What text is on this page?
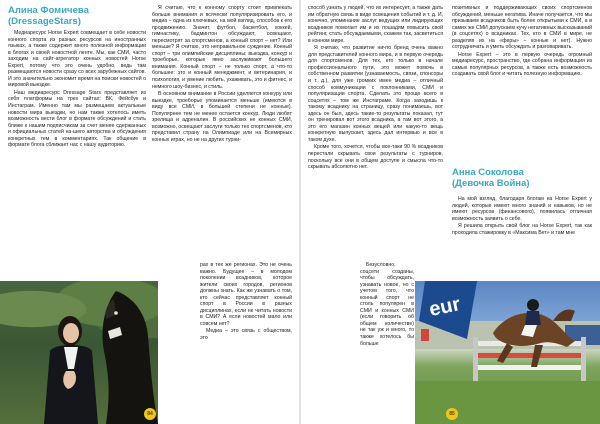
Алина Фомичева
(DressageStars)

Медиаресурс Horse Expert совмещает в себе новости конного спорта из разных ресурсов на иностранных языках, а также содержит много полезной информации в блогах и своей новостной ленте. Мы, как СМИ, часто заходим на сайт-агрегатор конных новостей Horse Expert, потому что это очень удобно, ведь там размещаются новости сразу со всех зарубежных сайтов. И это значительно экономит время на поиски новостей о мировой выездке.

Наш медиаресурс Dressage Stars представляет из себя платформы на трех сайтах: ВК, Фейсбук и Инстаграм. Именно там мы размещаем актуальные новости мира выездки, но нам также хотелось иметь возможность вести блог в формате обсуждений и стать ближе к нашим подписчикам за счет менее сдержанных и официальных статей на-шего авторства и обсуждения конкретных тем в комментариях. Так общение в формате блога сближает нас с нашу аудиторию.

Я считаю, что к конному спорту стоит привлекать больше внимания и всячески популяризировать его, и медиа – одна из ключевых, на мой взгляд, способов к его продвижению. Значит, футбол, баскетбол, хоккей, гимнастику, бадминтон обсуждают, освещают, пересмотрят за спортсменов, а конный спорт – нет? Или меньше? Я считаю, это неправильное суждение. Конный спорт – три олимпийские дисциплины: выездка, конкур и троеборье, которые явно заслуживают большего внимания. Конный спорт – не только спорт, а что-то большее: это и конный менеджмент, и ветеринария, и психология, и умение любить, ухаживать, это и фитнес, и немного шоу-бизнес, и стиль.

В основном внимание в России уделяется конкуру или выездке, троеборье упоминается меньше (имеются в виду все СМИ, в большей степени не конные). Популярнее тем не менее остается конкур. Люди любят зрелища и адреналин. В российских не конных СМИ, возможно, освещают заслуги только тех спортсменов, кто представил страну на Олимпиаде или на Всемирных конных играх, но не на других турни-

рах в тех же регионах. Это не очень важно. Будущее – в молодом поколении всадников, которое жители своих городов, регионов должны знать. Как же узнавать о том, кто сейчас представляет конный спорт в России в разных дисциплинах, если не читать новости в СМИ? А если новостей мало или совсем нет?

Медиа – это связь с обществом, это

84

способ узнать у людей, что их интересует, а также дать им обратную связь в виде освещения событий и т. д. И, конечно, упоминание заслуг ведущих или лидирующих всадников помогает им и их лошадям повысить свой рейтинг, стать обсуждаемыми, скажем так, засветиться в конном мире.

Я считаю, что развитие ничто бренд очень важно для представителей конного мира, и в первую очередь для спортсменов. Для тех, кто только в начале профессионального пути, это может помочь в собственном развитии (узнаваемость, связи, спонсоры и т. д.), для уже громких имен медиа – отличный способ коммуникации с поклонниками, СМИ и популяризации спорта. Сделать это проще всего в соцсетях – том же Инстаграме. Когда заходишь к такому всаднику на страницу, сразу понимаешь, вот здесь он был, здесь такие-то результаты показал, тут он тренировал вот этого всадника, а там вот этого, а это его магазин конных вещей или какую-то вещь конкретную выпускает, здесь дал интервью и все в таком духе.

Кроме того, хочется, чтобы все-таки 90 % всадников перестали скрывать свои результаты с турниров, поскольку все они в общем доступе и смысла что-то скрывать абсолютно нет.

Безусловно, соцсети созданы, чтобы обсуждать, узнавать новое, но с учетом того, что конный спорт не столь популярен в СМИ и конных СМИ (если говорить об общем количестве) не так уж и много, то также хотелось бы больше

позитивных и поддерживающих своих спортсменов обсуждений, меньше негатива. Иначе получается, что мы призываем всадников быть более открытыми к СМИ, а в самих же СМИ допускаем кучу негативных высказываний (в соцсетях) о всадниках. Тех, кто в СМИ в мире, не разделяя их на «феры» – конные и нет). Нужно сотрудничать и уметь обсуждать и разговаривать.

Horse Expert – это в первую очередь огромный медиаресурс, пространство, где собрана информация из самых популярных ресурсов, а также есть возможность создавать свой блог и читать полезную информацию.

Анна Соколова
(Девочка Война)

На мой взгляд, благодаря блогам на Horse Expert у людей, которые имеют много знаний и навыков, но не имеют ресурсов (финансового), появилась отличная возможность заявить о себе.

Я решила открыть свой блог на Horse Expert, так как проходила стажировку в «Максима Вет» и там мне

eur
85
